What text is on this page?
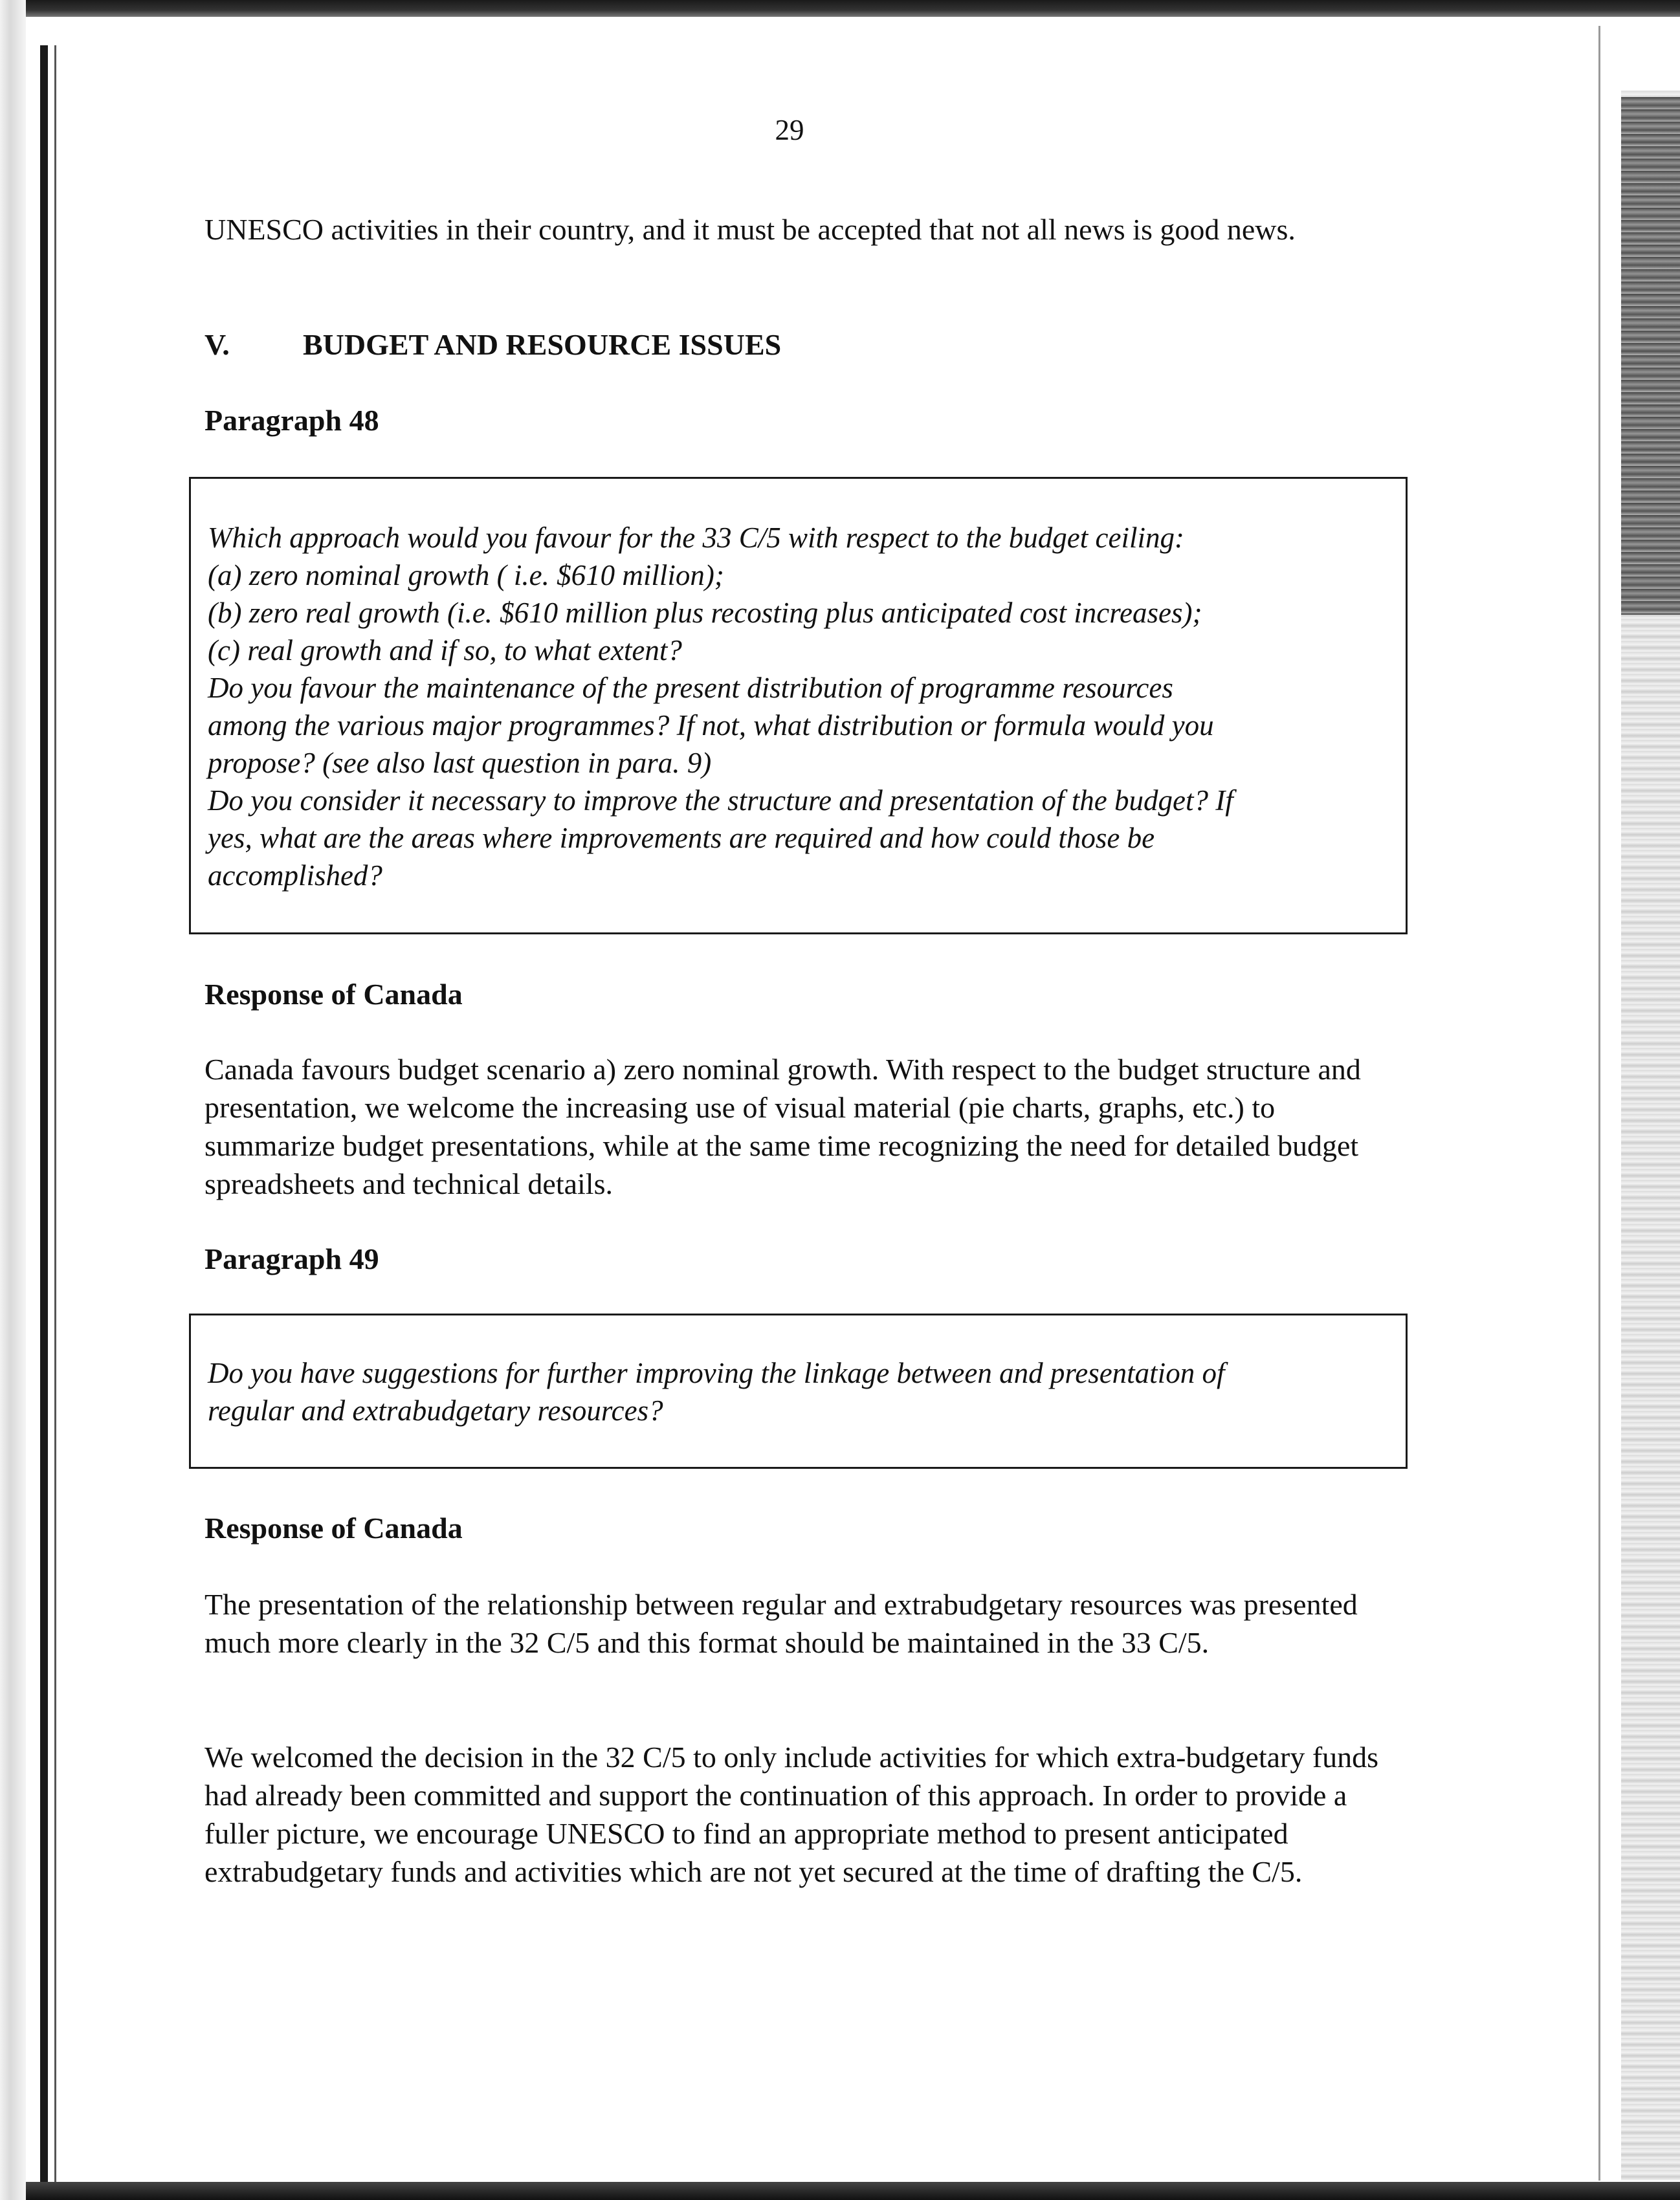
29
UNESCO activities in their country, and it must be accepted that not all news is good news.
V. BUDGET AND RESOURCE ISSUES
Paragraph 48
Which approach would you favour for the 33 C/5 with respect to the budget ceiling:
(a) zero nominal growth ( i.e. $610 million);
(b) zero real growth (i.e. $610 million plus recosting plus anticipated cost increases);
(c) real growth and if so, to what extent?
Do you favour the maintenance of the present distribution of programme resources
among the various major programmes? If not, what distribution or formula would you
propose? (see also last question in para. 9)
Do you consider it necessary to improve the structure and presentation of the budget? If
yes, what are the areas where improvements are required and how could those be
accomplished?
Response of Canada
Canada favours budget scenario a) zero nominal growth. With respect to the budget structure and presentation, we welcome the increasing use of visual material (pie charts, graphs, etc.) to summarize budget presentations, while at the same time recognizing the need for detailed budget spreadsheets and technical details.
Paragraph 49
Do you have suggestions for further improving the linkage between and presentation of
regular and extrabudgetary resources?
Response of Canada
The presentation of the relationship between regular and extrabudgetary resources was presented much more clearly in the 32 C/5 and this format should be maintained in the 33 C/5.
We welcomed the decision in the 32 C/5 to only include activities for which extra-budgetary funds had already been committed and support the continuation of this approach. In order to provide a fuller picture, we encourage UNESCO to find an appropriate method to present anticipated extrabudgetary funds and activities which are not yet secured at the time of drafting the C/5.
